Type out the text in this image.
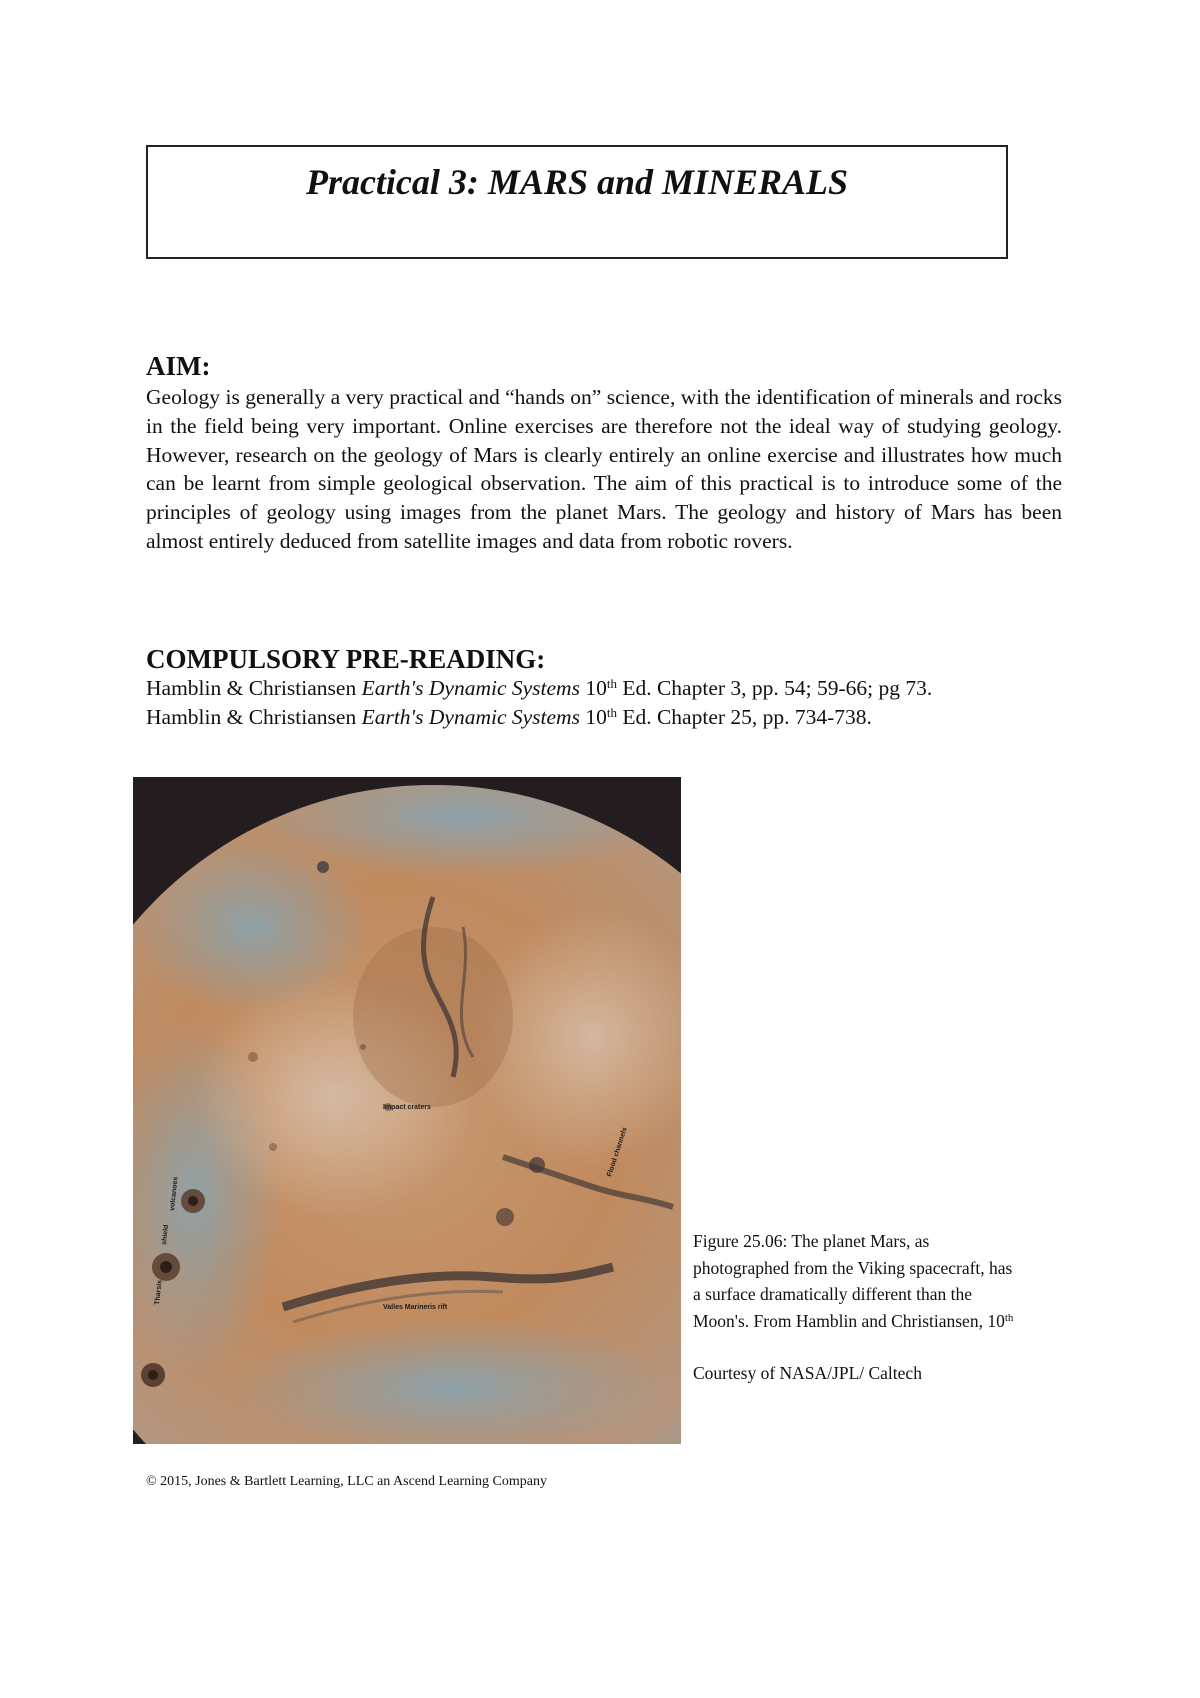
Practical 3: MARS and MINERALS
AIM:
Geology is generally a very practical and “hands on” science, with the identification of minerals and rocks in the field being very important. Online exercises are therefore not the ideal way of studying geology. However, research on the geology of Mars is clearly entirely an online exercise and illustrates how much can be learnt from simple geological observation. The aim of this practical is to introduce some of the principles of geology using images from the planet Mars. The geology and history of Mars has been almost entirely deduced from satellite images and data from robotic rovers.
COMPULSORY PRE-READING:
Hamblin & Christiansen Earth's Dynamic Systems 10th Ed. Chapter 3, pp. 54; 59-66; pg 73.
Hamblin & Christiansen Earth's Dynamic Systems 10th Ed. Chapter 25, pp. 734-738.
Impact craters
Flood channels
Valles Marineris rift
Tharsis
shield
volcanoes
Figure 25.06: The planet Mars, as photographed from the Viking spacecraft, has a surface dramatically different than the Moon's. From Hamblin and Christiansen, 10th
Courtesy of NASA/JPL/ Caltech
© 2015, Jones & Bartlett Learning, LLC an Ascend Learning Company
